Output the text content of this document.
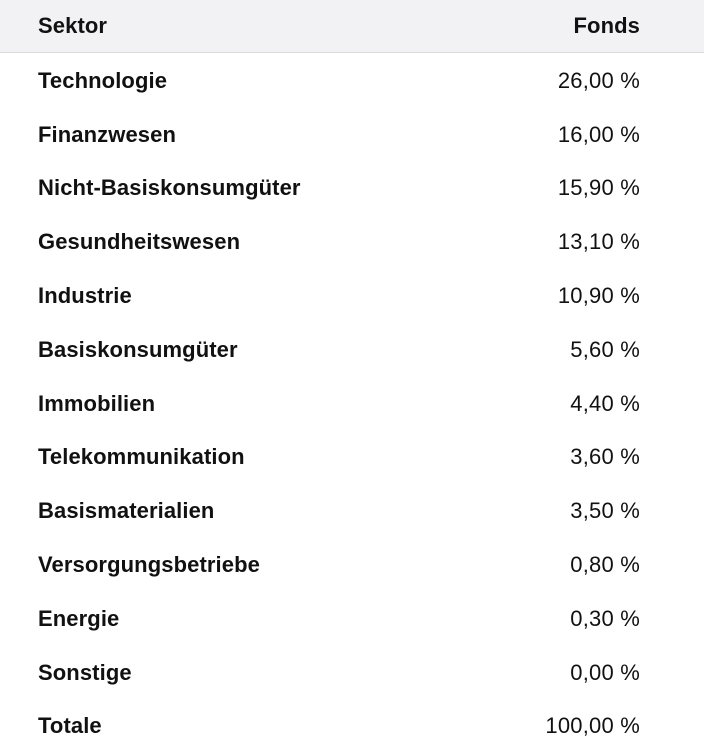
Sektor	Fonds
Technologie	26,00 %
Finanzwesen	16,00 %
Nicht-Basiskonsumgüter	15,90 %
Gesundheitswesen	13,10 %
Industrie	10,90 %
Basiskonsumgüter	5,60 %
Immobilien	4,40 %
Telekommunikation	3,60 %
Basismaterialien	3,50 %
Versorgungsbetriebe	0,80 %
Energie	0,30 %
Sonstige	0,00 %
Totale	100,00 %
